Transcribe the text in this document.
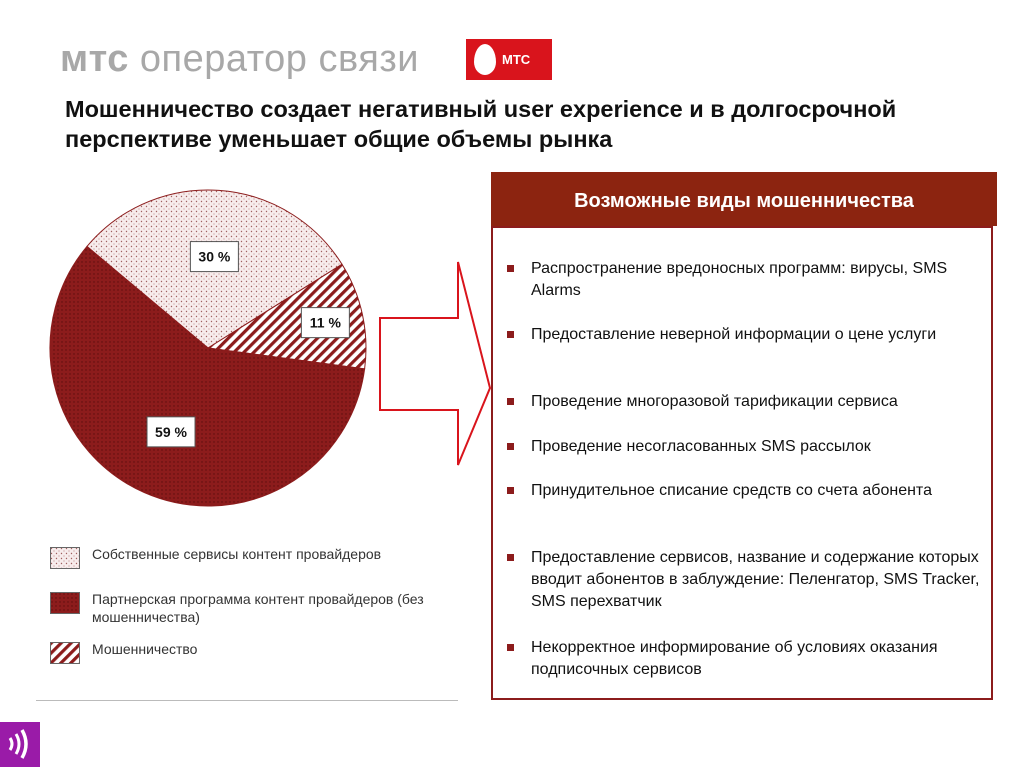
мтс оператор связи	МТС
Мошенничество создает негативный user experience и в долгосрочной перспективе уменьшает общие объемы рынка
30 %
11 %
59 %
Возможные виды мошенничества
Распространение вредоносных программ: вирусы, SMS Alarms
Предоставление неверной информации о цене услуги
Проведение многоразовой тарификации сервиса
Проведение несогласованных SMS рассылок
Принудительное списание средств со счета абонента
Предоставление сервисов, название и содержание которых вводит абонентов в заблуждение: Пеленгатор, SMS Tracker, SMS перехватчик
Некорректное информирование об условиях оказания подписочных сервисов
Собственные сервисы контент провайдеров
Партнерская программа контент провайдеров (без мошенничества)
Мошенничество
